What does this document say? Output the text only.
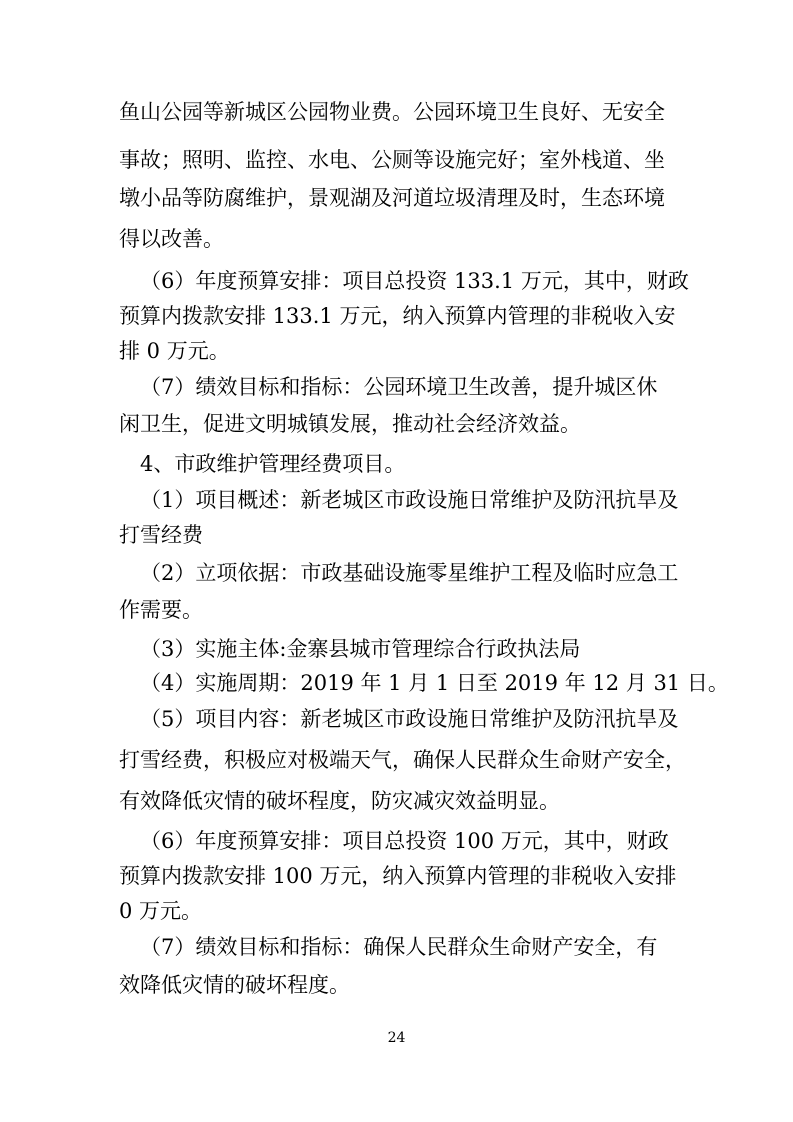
鱼山公园等新城区公园物业费。公园环境卫生良好、无安全

事故；照明、监控、水电、公厕等设施完好；室外栈道、坐

墩小品等防腐维护，景观湖及河道垃圾清理及时，生态环境

得以改善。

（6）年度预算安排：项目总投资 133.1 万元，其中，财政

预算内拨款安排 133.1 万元，纳入预算内管理的非税收入安

排 0 万元。

（7）绩效目标和指标：公园环境卫生改善，提升城区休

闲卫生，促进文明城镇发展，推动社会经济效益。

4、市政维护管理经费项目。

（1）项目概述：新老城区市政设施日常维护及防汛抗旱及

打雪经费

（2）立项依据：市政基础设施零星维护工程及临时应急工

作需要。

（3）实施主体:金寨县城市管理综合行政执法局

（4）实施周期：2019 年 1 月 1 日至 2019 年 12 月 31 日。

（5）项目内容：新老城区市政设施日常维护及防汛抗旱及

打雪经费，积极应对极端天气，确保人民群众生命财产安全，

有效降低灾情的破坏程度，防灾减灾效益明显。

（6）年度预算安排：项目总投资 100 万元，其中，财政

预算内拨款安排 100 万元，纳入预算内管理的非税收入安排

0 万元。

（7）绩效目标和指标：确保人民群众生命财产安全，有

效降低灾情的破坏程度。

24
